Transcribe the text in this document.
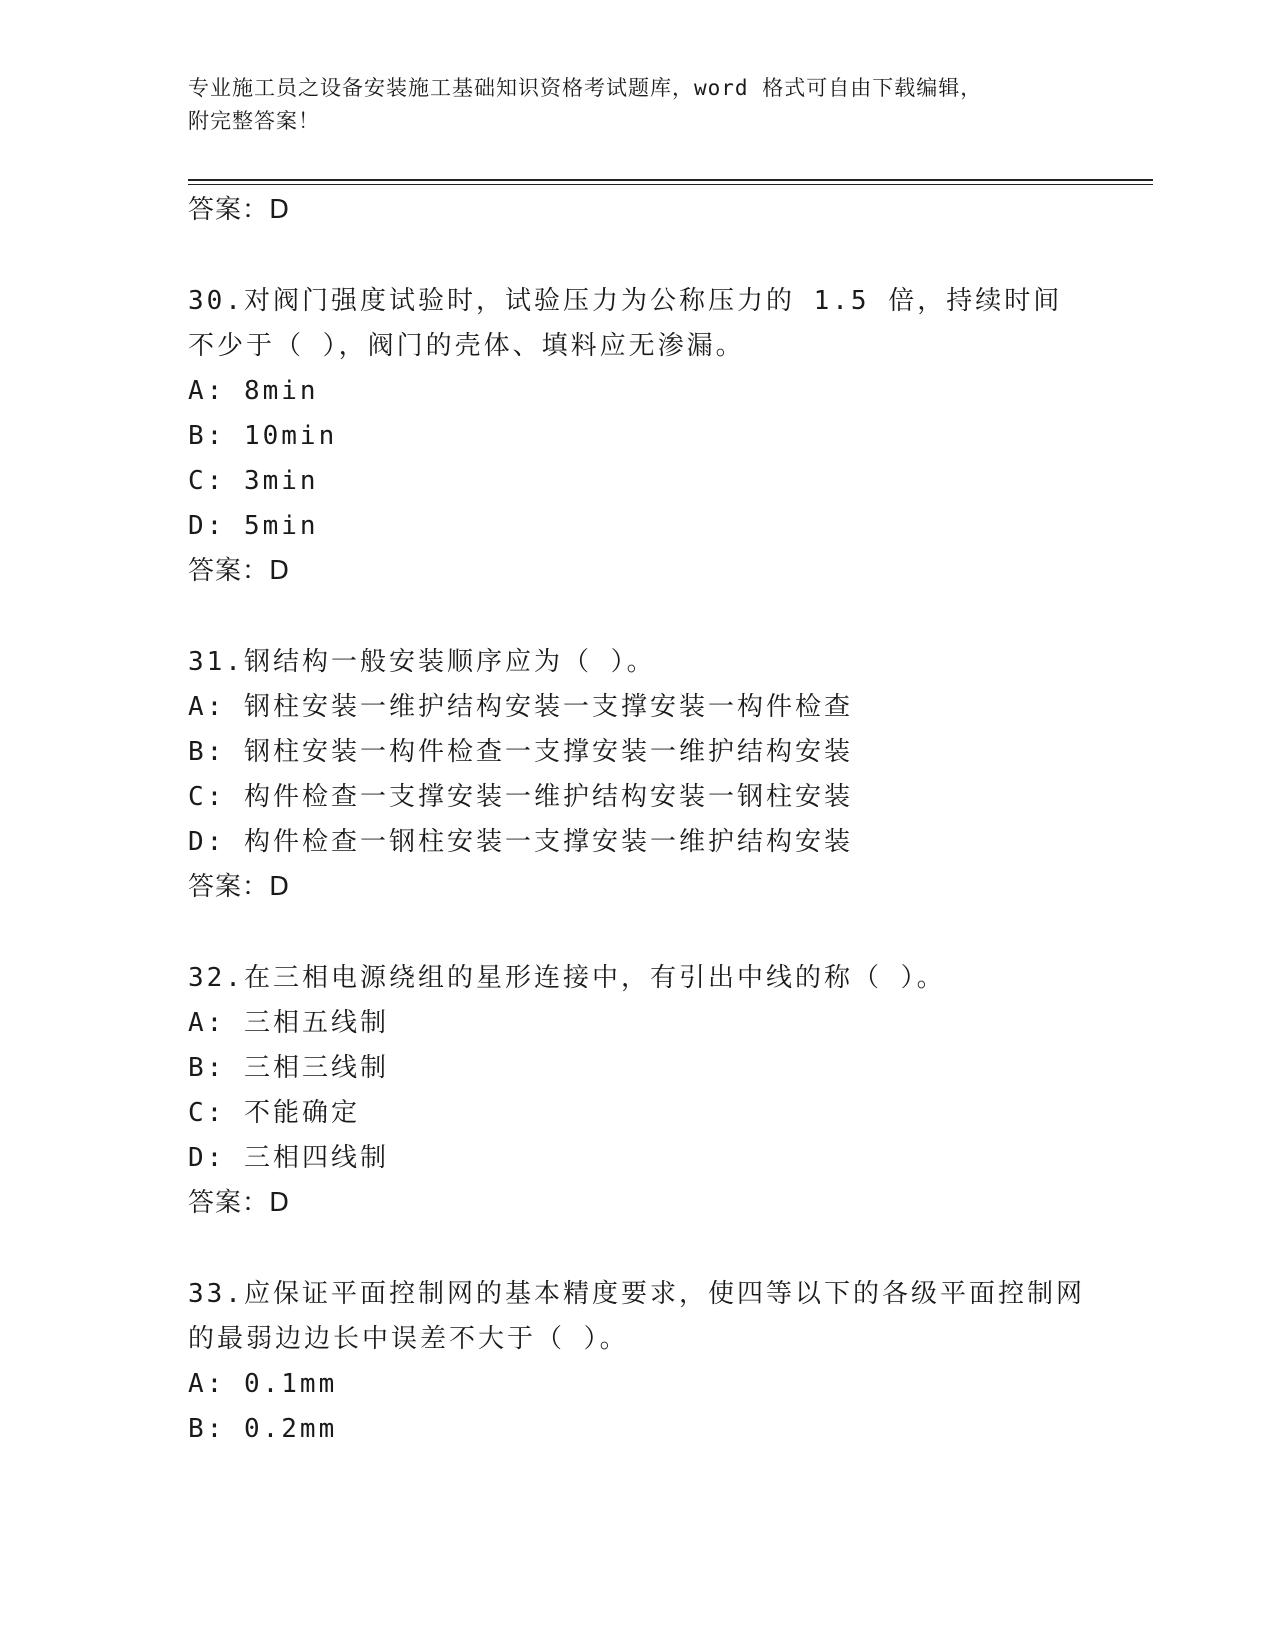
专业施工员之设备安装施工基础知识资格考试题库，word 格式可自由下载编辑，
附完整答案！
答案：D
30.对阀门强度试验时，试验压力为公称压力的 1.5 倍，持续时间不少于（ ），阀门的壳体、填料应无渗漏。
A: 8min
B: 10min
C: 3min
D: 5min
答案：D
31.钢结构一般安装顺序应为（ ）。
A: 钢柱安装一维护结构安装一支撑安装一构件检查
B: 钢柱安装一构件检查一支撑安装一维护结构安装
C: 构件检查一支撑安装一维护结构安装一钢柱安装
D: 构件检查一钢柱安装一支撑安装一维护结构安装
答案：D
32.在三相电源绕组的星形连接中，有引出中线的称（ ）。
A: 三相五线制
B: 三相三线制
C: 不能确定
D: 三相四线制
答案：D
33.应保证平面控制网的基本精度要求，使四等以下的各级平面控制网的最弱边边长中误差不大于（ ）。
A: 0.1mm
B: 0.2mm
